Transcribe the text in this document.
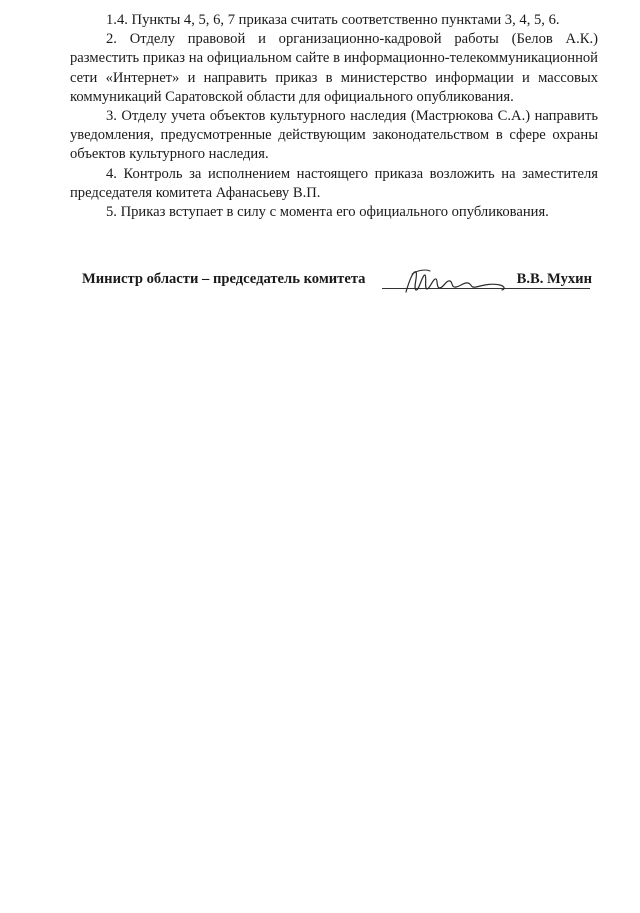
1.4. Пункты 4, 5, 6, 7 приказа считать соответственно пунктами 3, 4, 5, 6.

2. Отделу правовой и организационно-кадровой работы (Белов А.К.) разместить приказ на официальном сайте в информационно-телекоммуникационной сети «Интернет» и направить приказ в министерство информации и массовых коммуникаций Саратовской области для официального опубликования.

3. Отделу учета объектов культурного наследия (Мастрюкова С.А.) направить уведомления, предусмотренные действующим законодательством в сфере охраны объектов культурного наследия.

4. Контроль за исполнением настоящего приказа возложить на заместителя председателя комитета Афанасьеву В.П.

5. Приказ вступает в силу с момента его официального опубликования.

Министр области – председатель комитета	В.В. Мухин
